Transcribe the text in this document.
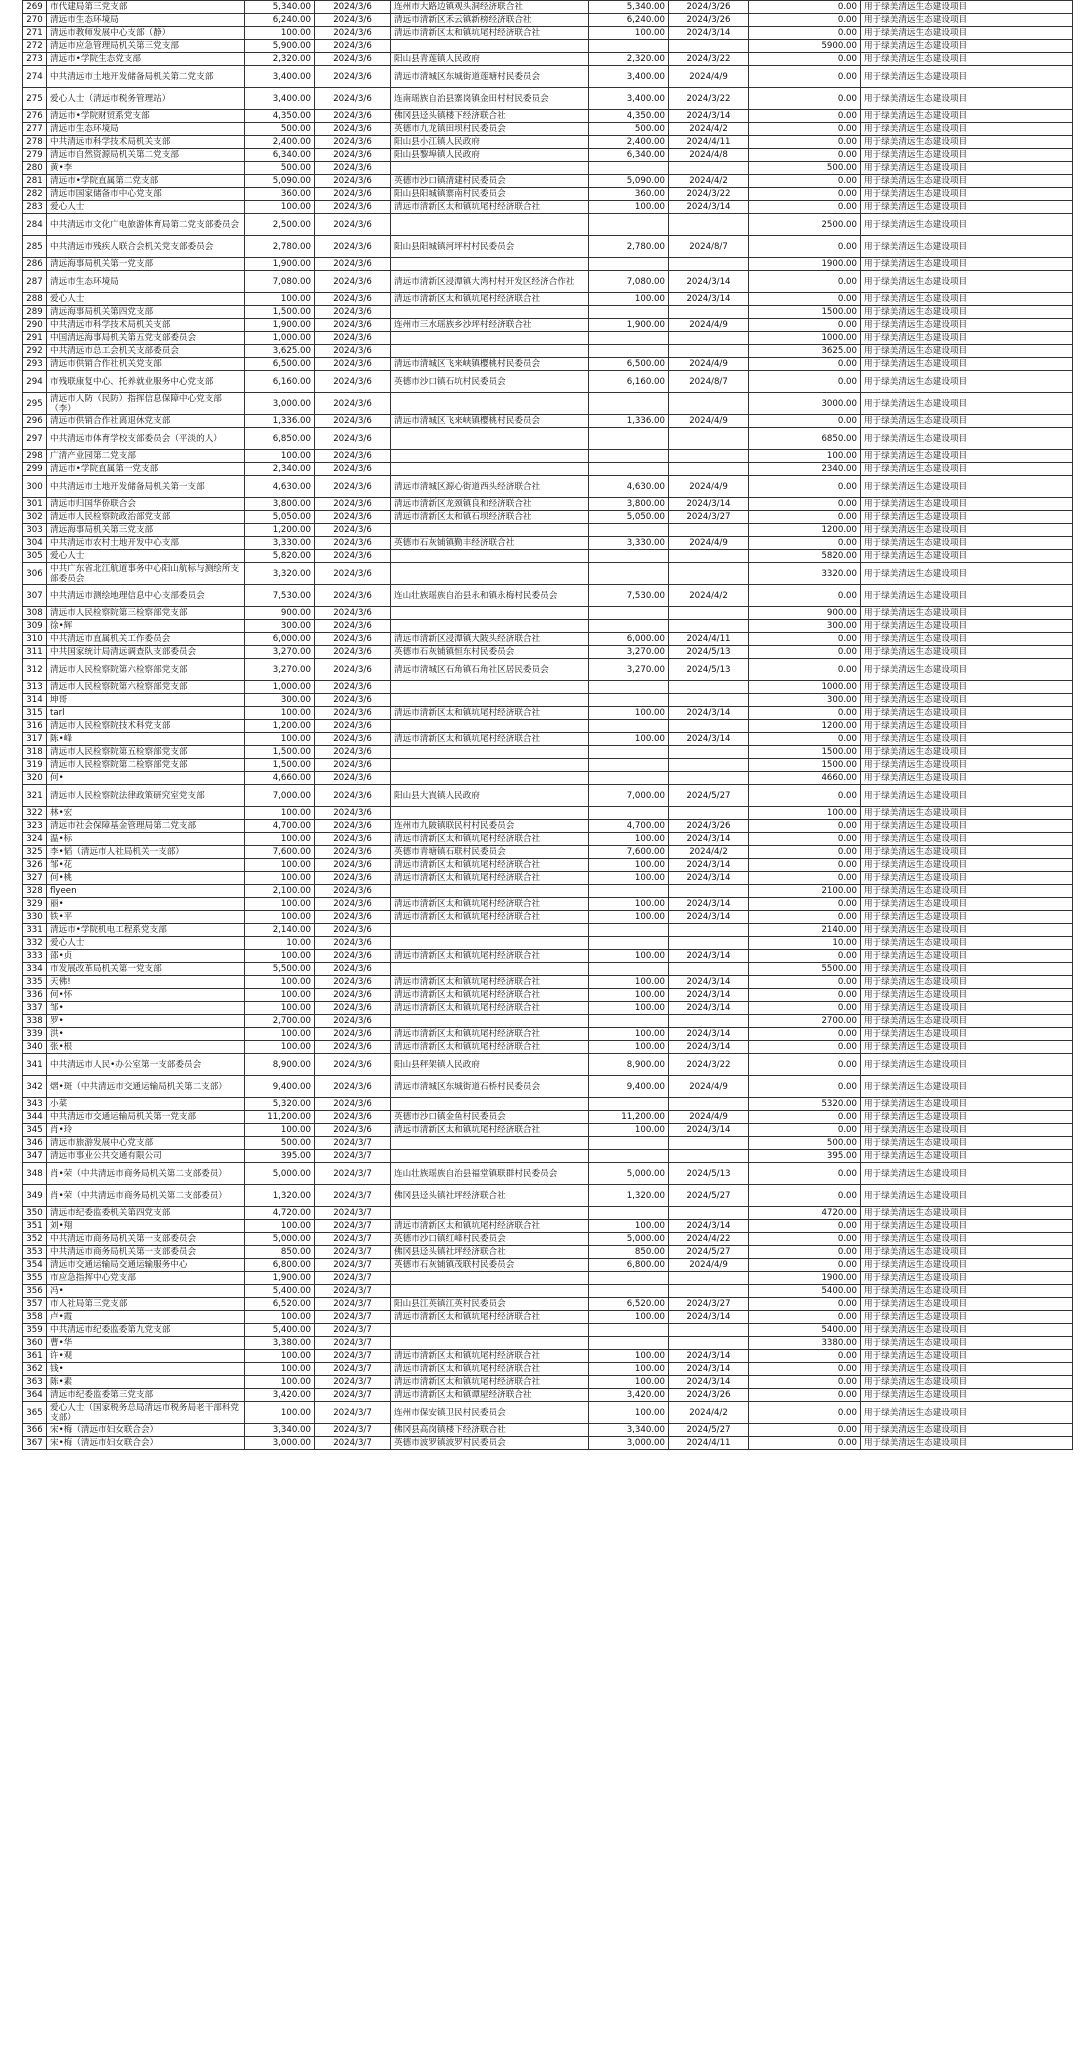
269	市代建局第三党支部	5,340.00	2024/3/6	连州市大路边镇观头洞经济联合社	5,340.00	2024/3/26	0.00	用于绿美清远生态建设项目
270	清远市生态环境局	6,240.00	2024/3/6	清远市清新区禾云镇新榜经济联合社	6,240.00	2024/3/26	0.00	用于绿美清远生态建设项目
271	清远市教师发展中心支部（静）	100.00	2024/3/6	清远市清新区太和镇坑尾村经济联合社	100.00	2024/3/14	0.00	用于绿美清远生态建设项目
272	清远市应急管理局机关第三党支部	5,900.00	2024/3/6				5900.00	用于绿美清远生态建设项目
273	清远市•学院生态党支部	2,320.00	2024/3/6	阳山县青莲镇人民政府	2,320.00	2024/3/22	0.00	用于绿美清远生态建设项目
274	中共清远市土地开发储备局机关第二党支部	3,400.00	2024/3/6	清远市清城区东城街道莲塘村民委员会	3,400.00	2024/4/9	0.00	用于绿美清远生态建设项目
275	爱心人士（清远市税务管理站）	3,400.00	2024/3/6	连南瑶族自治县寨岗镇金田村村民委员会	3,400.00	2024/3/22	0.00	用于绿美清远生态建设项目
276	清远市•学院财贸系党支部	4,350.00	2024/3/6	佛冈县迳头镇楼下经济联合社	4,350.00	2024/3/14	0.00	用于绿美清远生态建设项目
277	清远市生态环境局	500.00	2024/3/6	英德市九龙镇田坝村民委员会	500.00	2024/4/2	0.00	用于绿美清远生态建设项目
278	中共清远市科学技术局机关支部	2,400.00	2024/3/6	阳山县小江镇人民政府	2,400.00	2024/4/11	0.00	用于绿美清远生态建设项目
279	清远市自然资源局机关第二党支部	6,340.00	2024/3/6	阳山县黎埠镇人民政府	6,340.00	2024/4/8	0.00	用于绿美清远生态建设项目
280	黄•李	500.00	2024/3/6				500.00	用于绿美清远生态建设项目
281	清远市•学院直属第二党支部	5,090.00	2024/3/6	英德市沙口镇清建村民委员会	5,090.00	2024/4/2	0.00	用于绿美清远生态建设项目
282	清远市国家储备市中心党支部	360.00	2024/3/6	阳山县阳城镇寨南村民委员会	360.00	2024/3/22	0.00	用于绿美清远生态建设项目
283	爱心人士	100.00	2024/3/6	清远市清新区太和镇坑尾村经济联合社	100.00	2024/3/14	0.00	用于绿美清远生态建设项目
284	中共清远市文化广电旅游体育局第二党支部委员会	2,500.00	2024/3/6				2500.00	用于绿美清远生态建设项目
285	中共清远市残疾人联合会机关党支部委员会	2,780.00	2024/3/6	阳山县阳城镇河坪村村民委员会	2,780.00	2024/8/7	0.00	用于绿美清远生态建设项目
286	清远海事局机关第一党支部	1,900.00	2024/3/6				1900.00	用于绿美清远生态建设项目
287	清远市生态环境局	7,080.00	2024/3/6	清远市清新区浸潭镇大湾村村开发区经济合作社	7,080.00	2024/3/14	0.00	用于绿美清远生态建设项目
288	爱心人士	100.00	2024/3/6	清远市清新区太和镇坑尾村经济联合社	100.00	2024/3/14	0.00	用于绿美清远生态建设项目
289	清远海事局机关第四党支部	1,500.00	2024/3/6				1500.00	用于绿美清远生态建设项目
290	中共清远市科学技术局机关支部	1,900.00	2024/3/6	连州市三水瑶族乡沙坪村经济联合社	1,900.00	2024/4/9	0.00	用于绿美清远生态建设项目
291	中国清远海事局机关第五党支部委员会	1,000.00	2024/3/6				1000.00	用于绿美清远生态建设项目
292	中共清远市总工会机关支部委员会	3,625.00	2024/3/6				3625.00	用于绿美清远生态建设项目
293	清远市供销合作社机关党支部	6,500.00	2024/3/6	清远市清城区飞来峡镇樱桃村民委员会	6,500.00	2024/4/9	0.00	用于绿美清远生态建设项目
294	市残联康复中心、托养就业服务中心党支部	6,160.00	2024/3/6	英德市沙口镇石坑村民委员会	6,160.00	2024/8/7	0.00	用于绿美清远生态建设项目
295	清远市人防（民防）指挥信息保障中心党支部（李）	3,000.00	2024/3/6				3000.00	用于绿美清远生态建设项目
296	清远市供销合作社离退休党支部	1,336.00	2024/3/6	清远市清城区飞来峡镇樱桃村民委员会	1,336.00	2024/4/9	0.00	用于绿美清远生态建设项目
297	中共清远市体育学校支部委员会（平淡的人）	6,850.00	2024/3/6				6850.00	用于绿美清远生态建设项目
298	广清产业园第二党支部	100.00	2024/3/6				100.00	用于绿美清远生态建设项目
299	清远市•学院直属第一党支部	2,340.00	2024/3/6				2340.00	用于绿美清远生态建设项目
300	中共清远市土地开发储备局机关第一支部	4,630.00	2024/3/6	清远市清城区源心街道西头经济联合社	4,630.00	2024/4/9	0.00	用于绿美清远生态建设项目
301	清远市归国华侨联合会	3,800.00	2024/3/6	清远市清新区龙颈镇良和经济联合社	3,800.00	2024/3/14	0.00	用于绿美清远生态建设项目
302	清远市人民检察院政治部党支部	5,050.00	2024/3/6	清远市清新区太和镇石坝经济联合社	5,050.00	2024/3/27	0.00	用于绿美清远生态建设项目
303	清远海事局机关第三党支部	1,200.00	2024/3/6				1200.00	用于绿美清远生态建设项目
304	中共清远市农村土地开发中心支部	3,330.00	2024/3/6	英德市石灰铺镇勤丰经济联合社	3,330.00	2024/4/9	0.00	用于绿美清远生态建设项目
305	爱心人士	5,820.00	2024/3/6				5820.00	用于绿美清远生态建设项目
306	中共广东省北江航道事务中心阳山航标与测绘所支部委员会	3,320.00	2024/3/6				3320.00	用于绿美清远生态建设项目
307	中共清远市测绘地理信息中心支部委员会	7,530.00	2024/3/6	连山壮族瑶族自治县永和镇永梅村民委员会	7,530.00	2024/4/2	0.00	用于绿美清远生态建设项目
308	清远市人民检察院第三检察部党支部	900.00	2024/3/6				900.00	用于绿美清远生态建设项目
309	徐•辉	300.00	2024/3/6				300.00	用于绿美清远生态建设项目
310	中共清远市直属机关工作委员会	6,000.00	2024/3/6	清远市清新区浸潭镇大陂头经济联合社	6,000.00	2024/4/11	0.00	用于绿美清远生态建设项目
311	中共国家统计局清远调查队支部委员会	3,270.00	2024/3/6	英德市石灰铺镇恒东村民委员会	3,270.00	2024/5/13	0.00	用于绿美清远生态建设项目
312	清远市人民检察院第六检察部党支部	3,270.00	2024/3/6	清远市清城区石角镇石角社区居民委员会	3,270.00	2024/5/13	0.00	用于绿美清远生态建设项目
313	清远市人民检察院第六检察部党支部	1,000.00	2024/3/6				1000.00	用于绿美清远生态建设项目
314	坤哥	300.00	2024/3/6				300.00	用于绿美清远生态建设项目
315	tarl	100.00	2024/3/6	清远市清新区太和镇坑尾村经济联合社	100.00	2024/3/14	0.00	用于绿美清远生态建设项目
316	清远市人民检察院技术科党支部	1,200.00	2024/3/6				1200.00	用于绿美清远生态建设项目
317	陈•峰	100.00	2024/3/6	清远市清新区太和镇坑尾村经济联合社	100.00	2024/3/14	0.00	用于绿美清远生态建设项目
318	清远市人民检察院第五检察部党支部	1,500.00	2024/3/6				1500.00	用于绿美清远生态建设项目
319	清远市人民检察院第二检察部党支部	1,500.00	2024/3/6				1500.00	用于绿美清远生态建设项目
320	何•	4,660.00	2024/3/6				4660.00	用于绿美清远生态建设项目
321	清远市人民检察院法律政策研究室党支部	7,000.00	2024/3/6	阳山县大崀镇人民政府	7,000.00	2024/5/27	0.00	用于绿美清远生态建设项目
322	林•宏	100.00	2024/3/6				100.00	用于绿美清远生态建设项目
323	清远市社会保障基金管理局第二党支部	4,700.00	2024/3/6	连州市九陂镇联民村村民委员会	4,700.00	2024/3/26	0.00	用于绿美清远生态建设项目
324	温•标	100.00	2024/3/6	清远市清新区太和镇坑尾村经济联合社	100.00	2024/3/14	0.00	用于绿美清远生态建设项目
325	李•韬（清远市人社局机关一支部）	7,600.00	2024/3/6	英德市青塘镇石联村民委员会	7,600.00	2024/4/2	0.00	用于绿美清远生态建设项目
326	邹•花	100.00	2024/3/6	清远市清新区太和镇坑尾村经济联合社	100.00	2024/3/14	0.00	用于绿美清远生态建设项目
327	何•桃	100.00	2024/3/6	清远市清新区太和镇坑尾村经济联合社	100.00	2024/3/14	0.00	用于绿美清远生态建设项目
328	flyeen	2,100.00	2024/3/6				2100.00	用于绿美清远生态建设项目
329	丽•	100.00	2024/3/6	清远市清新区太和镇坑尾村经济联合社	100.00	2024/3/14	0.00	用于绿美清远生态建设项目
330	铁•平	100.00	2024/3/6	清远市清新区太和镇坑尾村经济联合社	100.00	2024/3/14	0.00	用于绿美清远生态建设项目
331	清远市•学院机电工程系党支部	2,140.00	2024/3/6				2140.00	用于绿美清远生态建设项目
332	爱心人士	10.00	2024/3/6				10.00	用于绿美清远生态建设项目
333	邵•贞	100.00	2024/3/6	清远市清新区太和镇坑尾村经济联合社	100.00	2024/3/14	0.00	用于绿美清远生态建设项目
334	市发展改革局机关第一党支部	5,500.00	2024/3/6				5500.00	用于绿美清远生态建设项目
335	天佛!	100.00	2024/3/6	清远市清新区太和镇坑尾村经济联合社	100.00	2024/3/14	0.00	用于绿美清远生态建设项目
336	何•怀	100.00	2024/3/6	清远市清新区太和镇坑尾村经济联合社	100.00	2024/3/14	0.00	用于绿美清远生态建设项目
337	邹•	100.00	2024/3/6	清远市清新区太和镇坑尾村经济联合社	100.00	2024/3/14	0.00	用于绿美清远生态建设项目
338	罗•	2,700.00	2024/3/6				2700.00	用于绿美清远生态建设项目
339	洪•	100.00	2024/3/6	清远市清新区太和镇坑尾村经济联合社	100.00	2024/3/14	0.00	用于绿美清远生态建设项目
340	张•根	100.00	2024/3/6	清远市清新区太和镇坑尾村经济联合社	100.00	2024/3/14	0.00	用于绿美清远生态建设项目
341	中共清远市人民•办公室第一支部委员会	8,900.00	2024/3/6	阳山县秤架镇人民政府	8,900.00	2024/3/22	0.00	用于绿美清远生态建设项目
342	熠•斑（中共清远市交通运输局机关第二支部）	9,400.00	2024/3/6	清远市清城区东城街道石桥村民委员会	9,400.00	2024/4/9	0.00	用于绿美清远生态建设项目
343	小菜	5,320.00	2024/3/6				5320.00	用于绿美清远生态建设项目
344	中共清远市交通运输局机关第一党支部	11,200.00	2024/3/6	英德市沙口镇金鱼村民委员会	11,200.00	2024/4/9	0.00	用于绿美清远生态建设项目
345	肖•玲	100.00	2024/3/6	清远市清新区太和镇坑尾村经济联合社	100.00	2024/3/14	0.00	用于绿美清远生态建设项目
346	清远市旅游发展中心党支部	500.00	2024/3/7				500.00	用于绿美清远生态建设项目
347	清远市事业公共交通有限公司	395.00	2024/3/7				395.00	用于绿美清远生态建设项目
348	肖•荣（中共清远市商务局机关第二支部委员）	5,000.00	2024/3/7	连山壮族瑶族自治县福堂镇联群村民委员会	5,000.00	2024/5/13	0.00	用于绿美清远生态建设项目
349	肖•荣（中共清远市商务局机关第二支部委员）	1,320.00	2024/3/7	佛冈县迳头镇社坪经济联合社	1,320.00	2024/5/27	0.00	用于绿美清远生态建设项目
350	清远市纪委监委机关第四党支部	4,720.00	2024/3/7				4720.00	用于绿美清远生态建设项目
351	刘•翔	100.00	2024/3/7	清远市清新区太和镇坑尾村经济联合社	100.00	2024/3/14	0.00	用于绿美清远生态建设项目
352	中共清远市商务局机关第一支部委员会	5,000.00	2024/3/7	英德市沙口镇红峰村民委员会	5,000.00	2024/4/22	0.00	用于绿美清远生态建设项目
353	中共清远市商务局机关第一支部委员会	850.00	2024/3/7	佛冈县迳头镇社坪经济联合社	850.00	2024/5/27	0.00	用于绿美清远生态建设项目
354	清远市交通运输局交通运输服务中心	6,800.00	2024/3/7	英德市石灰铺镇茂联村民委员会	6,800.00	2024/4/9	0.00	用于绿美清远生态建设项目
355	市应急指挥中心党支部	1,900.00	2024/3/7				1900.00	用于绿美清远生态建设项目
356	冯•	5,400.00	2024/3/7				5400.00	用于绿美清远生态建设项目
357	市人社局第三党支部	6,520.00	2024/3/7	阳山县江英镇江英村民委员会	6,520.00	2024/3/27	0.00	用于绿美清远生态建设项目
358	卢•霞	100.00	2024/3/7	清远市清新区太和镇坑尾村经济联合社	100.00	2024/3/14	0.00	用于绿美清远生态建设项目
359	中共清远市纪委监委第九党支部	5,400.00	2024/3/7				5400.00	用于绿美清远生态建设项目
360	曹•华	3,380.00	2024/3/7				3380.00	用于绿美清远生态建设项目
361	许•观	100.00	2024/3/7	清远市清新区太和镇坑尾村经济联合社	100.00	2024/3/14	0.00	用于绿美清远生态建设项目
362	钱•	100.00	2024/3/7	清远市清新区太和镇坑尾村经济联合社	100.00	2024/3/14	0.00	用于绿美清远生态建设项目
363	陈•素	100.00	2024/3/7	清远市清新区太和镇坑尾村经济联合社	100.00	2024/3/14	0.00	用于绿美清远生态建设项目
364	清远市纪委监委第三党支部	3,420.00	2024/3/7	清远市清新区太和镇谭屋经济联合社	3,420.00	2024/3/26	0.00	用于绿美清远生态建设项目
365	爱心人士（国家税务总局清远市税务局老干部科党支部）	100.00	2024/3/7	连州市保安镇卫民村民委员会	100.00	2024/4/2	0.00	用于绿美清远生态建设项目
366	宋•梅（清远市妇女联合会）	3,340.00	2024/3/7	佛冈县高岗镇楼下经济联合社	3,340.00	2024/5/27	0.00	用于绿美清远生态建设项目
367	宋•梅（清远市妇女联合会）	3,000.00	2024/3/7	英德市波罗镇波罗村民委员会	3,000.00	2024/4/11	0.00	用于绿美清远生态建设项目
